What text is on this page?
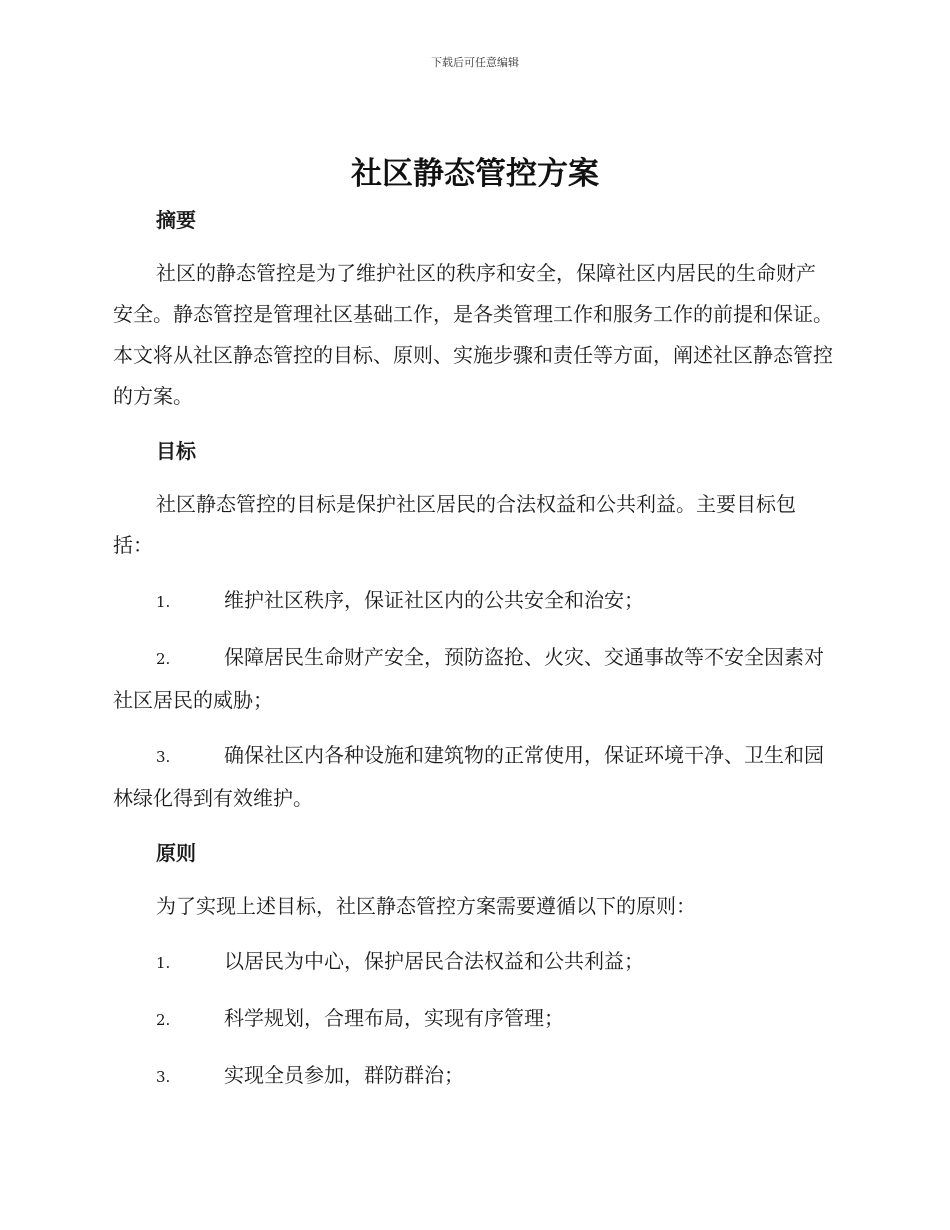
下载后可任意编辑
社区静态管控方案
摘要

社区的静态管控是为了维护社区的秩序和安全，保障社区内居民的生命财产安全。静态管控是管理社区基础工作，是各类管理工作和服务工作的前提和保证。本文将从社区静态管控的目标、原则、实施步骤和责任等方面，阐述社区静态管控的方案。

目标

社区静态管控的目标是保护社区居民的合法权益和公共利益。主要目标包括：

1.	维护社区秩序，保证社区内的公共安全和治安；

2.	保障居民生命财产安全，预防盗抢、火灾、交通事故等不安全因素对社区居民的威胁；

3.	确保社区内各种设施和建筑物的正常使用，保证环境干净、卫生和园林绿化得到有效维护。

原则

为了实现上述目标，社区静态管控方案需要遵循以下的原则：

1.	以居民为中心，保护居民合法权益和公共利益；

2.	科学规划，合理布局，实现有序管理；

3.	实现全员参加，群防群治；
